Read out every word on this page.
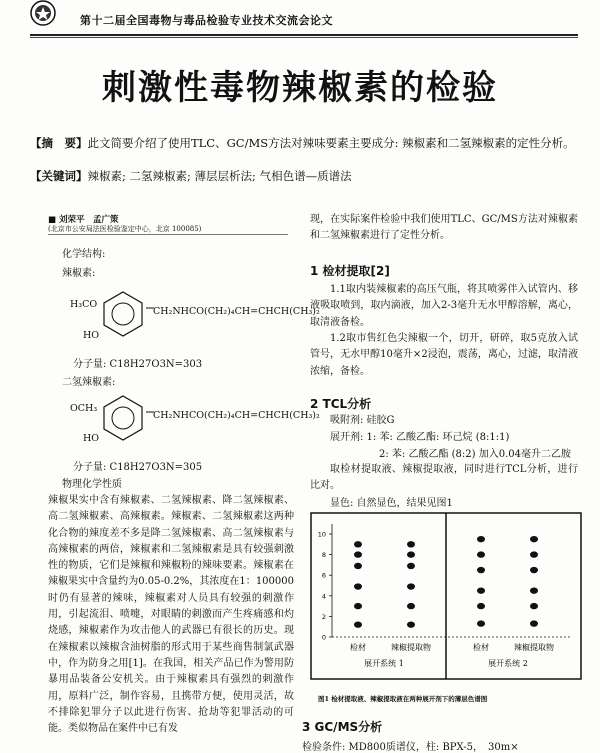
第十二届全国毒物与毒品检验专业技术交流会论文
刺激性毒物辣椒素的检验
【摘　要】此文简要介绍了使用TLC、GC/MS方法对辣味要素主要成分: 辣椒素和二氢辣椒素的定性分析。
【关键词】辣椒素; 二氢辣椒素; 薄层层析法; 气相色谱—质谱法
■ 刘荣平　孟广策
(北京市公安局法医检验鉴定中心，北京 100085)
化学结构:
辣椒素:
H₃CO
HO
CH₂NHCO(CH₂)₄CH=CHCH(CH₃)₂
分子量: C18H27O3N=303
二氢辣椒素:
OCH₃
HO
CH₂NHCO(CH₂)₄CH=CHCH(CH₃)₂
分子量: C18H27O3N=305
物理化学性质
辣椒果实中含有辣椒素、二氢辣椒素、降二氢辣椒素、高二氢辣椒素、高辣椒素。辣椒素、二氢辣椒素这两种化合物的辣度差不多是降二氢辣椒素、高二氢辣椒素与高辣椒素的两倍，辣椒素和二氢辣椒素是具有较强刺激性的物质，它们是辣椒和辣椒粉的辣味要素。辣椒素在辣椒果实中含量约为0.05-0.2%，其浓度在1：100000时仍有显著的辣味，辣椒素对人员具有较强的刺激作用，引起流泪、喷嚏，对眼睛的刺激而产生疼痛感和灼烧感，辣椒素作为攻击他人的武器已有很长的历史。现在辣椒素以辣椒含油树脂的形式用于某些商售制氯武器中，作为防身之用[1]。在我国，相关产品已作为警用防暴用品装备公安机关。由于辣椒素具有强烈的刺激作用，原料广泛，制作容易，且携带方便，使用灵活，故不排除犯罪分子以此进行伤害、抢劫等犯罪活动的可能。类似物品在案件中已有发
现，在实际案件检验中我们使用TLC、GC/MS方法对辣椒素和二氢辣椒素进行了定性分析。
1 检材提取[2]
1.1取内装辣椒素的高压气瓶，将其喷雾伴入试管内、移液吸取喷到，取内滴液，加入2-3毫升无水甲醇溶解，离心，取清液备检。
1.2取市售红色尖辣椒一个，切开，研碎，取5克放入试管号，无水甲醇10毫升×2浸泡，震荡，离心，过滤，取清液浓缩，备检。
2 TCL分析
吸附剂: 硅胶G
展开剂: 1: 苯: 乙酸乙酯: 环己烷 (8:1:1)
2: 苯: 乙酸乙酯 (8:2) 加入0.04毫升二乙胺
取检材提取液、辣椒提取液，同时进行TCL分析，进行比对。
显色: 自然显色，结果见图1
0
2
4
6
8
10
检材	辣椒提取物	检材	辣椒提取物
展开系统 1	展开系统 2
图1 检材提取液、辣椒提取液在两种展开剂下的薄层色谱图
3 GC/MS分析
检验条件: MD800质谱仪，柱: BPX-5，　30m×
